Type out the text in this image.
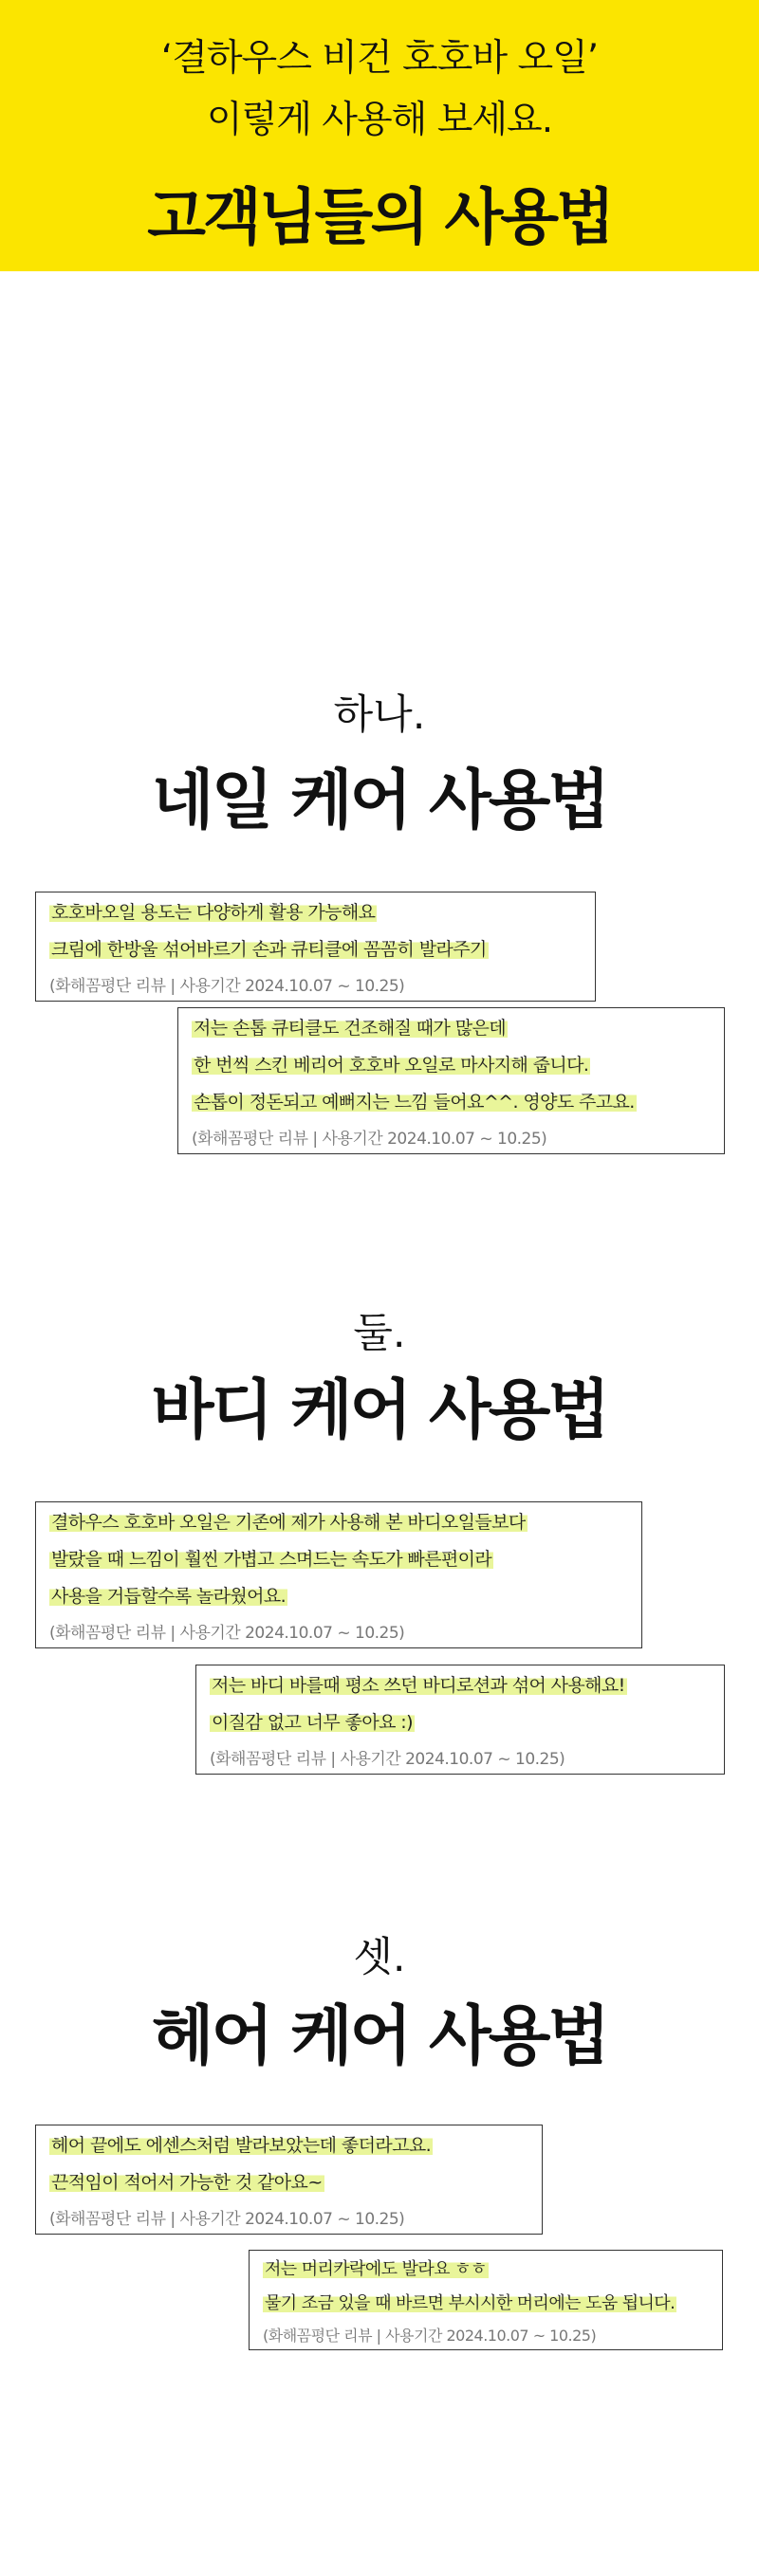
‘결하우스 비건 호호바 오일’
이렇게 사용해 보세요.
고객님들의 사용법
하나.
네일 케어 사용법
호호바오일 용도는 다양하게 활용 가능해요
크림에 한방울 섞어바르기 손과 큐티클에 꼼꼼히 발라주기
(화해꼼평단 리뷰 | 사용기간 2024.10.07 ~ 10.25)
저는 손톱 큐티클도 건조해질 때가 많은데
한 번씩 스킨 베리어 호호바 오일로 마사지해 줍니다.
손톱이 정돈되고 예뻐지는 느낌 들어요^^. 영양도 주고요.
(화해꼼평단 리뷰 | 사용기간 2024.10.07 ~ 10.25)
둘.
바디 케어 사용법
결하우스 호호바 오일은 기존에 제가 사용해 본 바디오일들보다
발랐을 때 느낌이 훨씬 가볍고 스며드는 속도가 빠른편이라
사용을 거듭할수록 놀라웠어요.
(화해꼼평단 리뷰 | 사용기간 2024.10.07 ~ 10.25)
저는 바디 바를때 평소 쓰던 바디로션과 섞어 사용해요!
이질감 없고 너무 좋아요 :)
(화해꼼평단 리뷰 | 사용기간 2024.10.07 ~ 10.25)
셋.
헤어 케어 사용법
헤어 끝에도 에센스처럼 발라보았는데 좋더라고요.
끈적임이 적어서 가능한 것 같아요~
(화해꼼평단 리뷰 | 사용기간 2024.10.07 ~ 10.25)
저는 머리카락에도 발라요 ㅎㅎ
물기 조금 있을 때 바르면 부시시한 머리에는 도움 됩니다.
(화해꼼평단 리뷰 | 사용기간 2024.10.07 ~ 10.25)
